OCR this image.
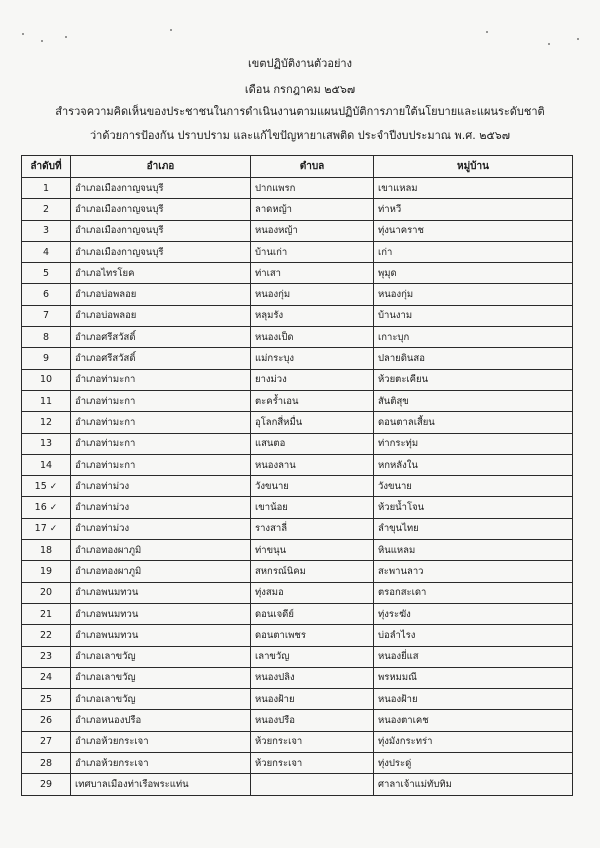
เขตปฏิบัติงานตัวอย่าง
เดือน กรกฎาคม ๒๕๖๗
สำรวจความคิดเห็นของประชาชนในการดำเนินงานตามแผนปฏิบัติการภายใต้นโยบายและแผนระดับชาติ
ว่าด้วยการป้องกัน ปราบปราม และแก้ไขปัญหายาเสพติด ประจำปีงบประมาณ พ.ศ. ๒๕๖๗
ลำดับที่	อำเภอ	ตำบล	หมู่บ้าน
1	อำเภอเมืองกาญจนบุรี	ปากแพรก	เขาแหลม
2	อำเภอเมืองกาญจนบุรี	ลาดหญ้า	ท่าหวี
3	อำเภอเมืองกาญจนบุรี	หนองหญ้า	ทุ่งนาคราช
4	อำเภอเมืองกาญจนบุรี	บ้านเก่า	เก่า
5	อำเภอไทรโยค	ท่าเสา	พุมุด
6	อำเภอบ่อพลอย	หนองกุ่ม	หนองกุ่ม
7	อำเภอบ่อพลอย	หลุมรัง	บ้านงาม
8	อำเภอศรีสวัสดิ์	หนองเป็ด	เกาะบุก
9	อำเภอศรีสวัสดิ์	แม่กระบุง	ปลายดินสอ
10	อำเภอท่ามะกา	ยางม่วง	ห้วยตะเคียน
11	อำเภอท่ามะกา	ตะคร้ำเอน	สันติสุข
12	อำเภอท่ามะกา	อุโลกสี่หมื่น	ดอนตาลเสี้ยน
13	อำเภอท่ามะกา	แสนตอ	ท่ากระทุ่ม
14	อำเภอท่ามะกา	หนองลาน	หกหลังใน
15 ✓	อำเภอท่าม่วง	วังขนาย	วังขนาย
16 ✓	อำเภอท่าม่วง	เขาน้อย	ห้วยน้ำโจน
17 ✓	อำเภอท่าม่วง	รางสาลี่	ลำขุนไทย
18	อำเภอทองผาภูมิ	ท่าขนุน	หินแหลม
19	อำเภอทองผาภูมิ	สหกรณ์นิคม	สะพานลาว
20	อำเภอพนมทวน	ทุ่งสมอ	ตรอกสะเดา
21	อำเภอพนมทวน	ดอนเจดีย์	ทุ่งระฆัง
22	อำเภอพนมทวน	ดอนตาเพชร	บ่อลำไรง
23	อำเภอเลาขวัญ	เลาขวัญ	หนองยี่แส
24	อำเภอเลาขวัญ	หนองปลิง	พรหมมณี
25	อำเภอเลาขวัญ	หนองฝ้าย	หนองฝ้าย
26	อำเภอหนองปรือ	หนองปรือ	หนองตาเคช
27	อำเภอห้วยกระเจา	ห้วยกระเจา	ทุ่งมังกระทร่า
28	อำเภอห้วยกระเจา	ห้วยกระเจา	ทุ่งประดู่
29	เทศบาลเมืองท่าเรือพระแท่น		ศาลาเจ้าแม่ทับทิม
